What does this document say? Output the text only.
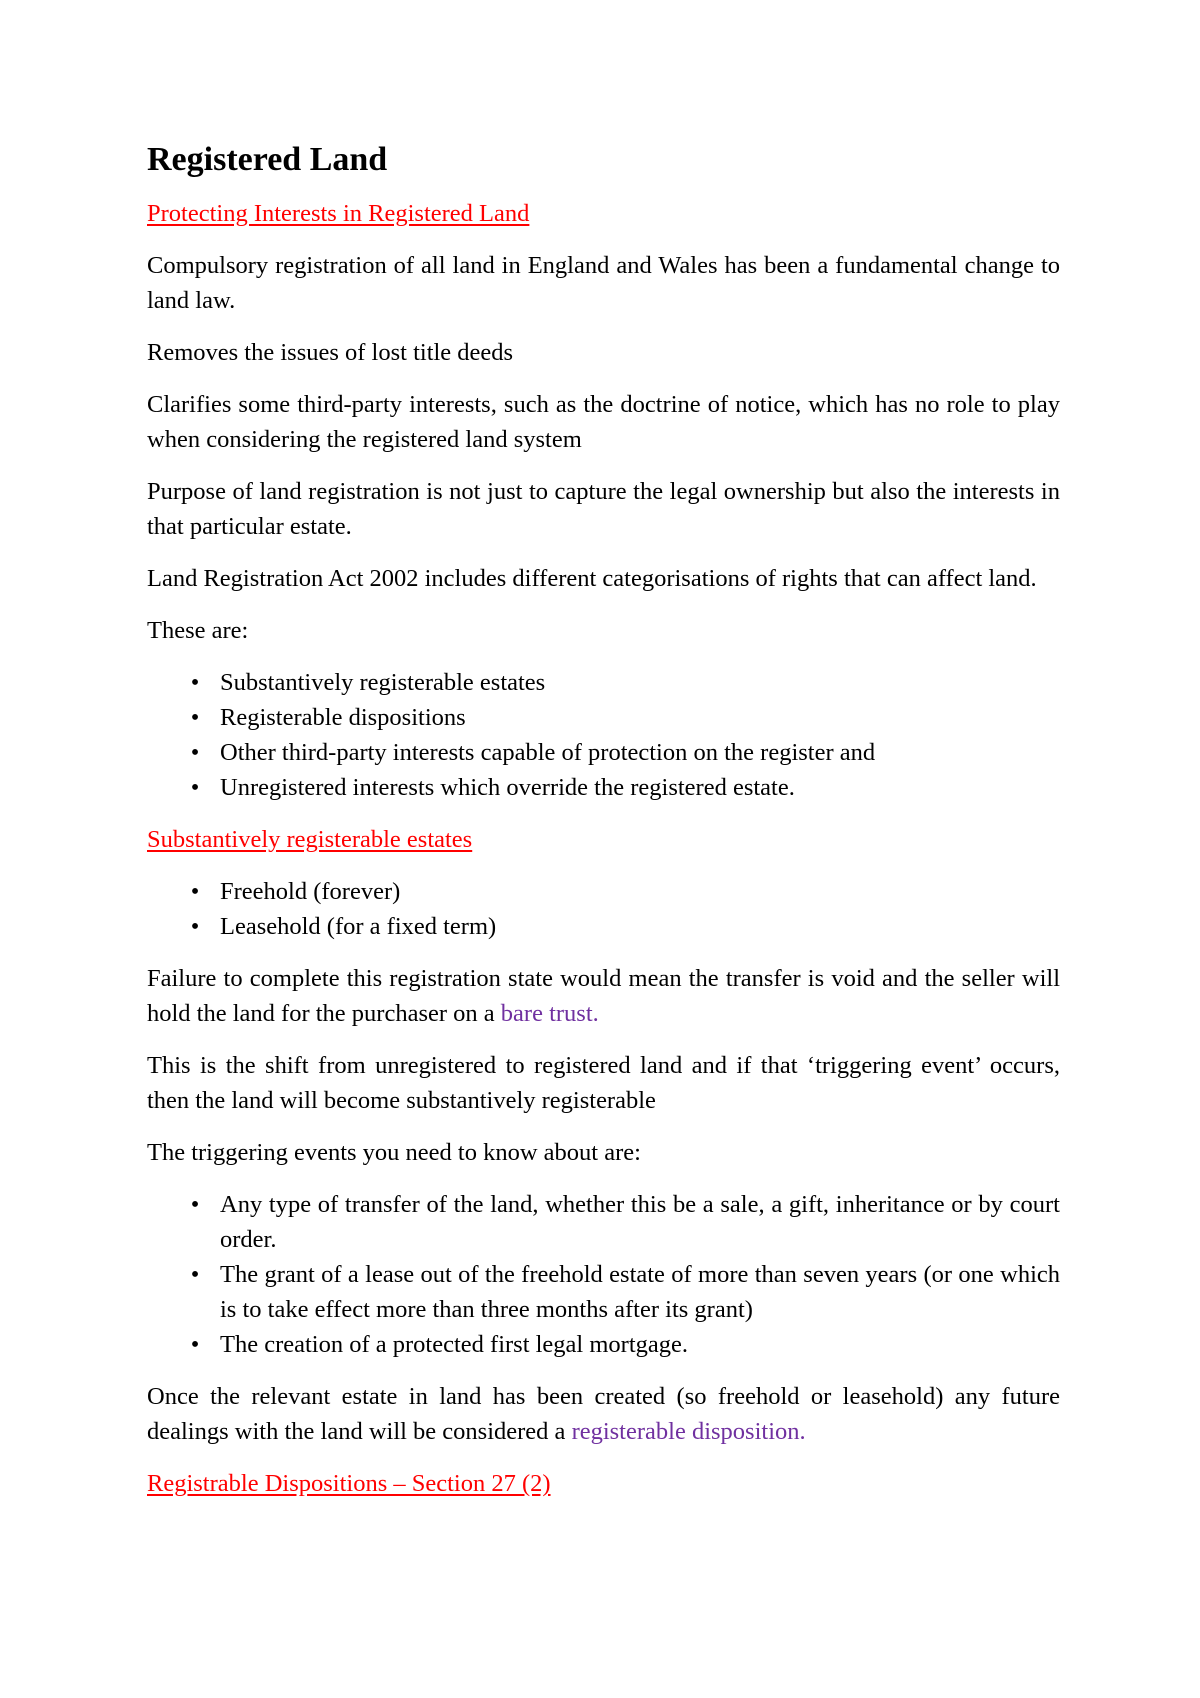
Registered Land

Protecting Interests in Registered Land

Compulsory registration of all land in England and Wales has been a fundamental change to land law.

Removes the issues of lost title deeds

Clarifies some third-party interests, such as the doctrine of notice, which has no role to play when considering the registered land system

Purpose of land registration is not just to capture the legal ownership but also the interests in that particular estate.

Land Registration Act 2002 includes different categorisations of rights that can affect land.

These are:

• Substantively registerable estates
• Registerable dispositions
• Other third-party interests capable of protection on the register and
• Unregistered interests which override the registered estate.

Substantively registerable estates

• Freehold (forever)
• Leasehold (for a fixed term)

Failure to complete this registration state would mean the transfer is void and the seller will hold the land for the purchaser on a bare trust.

This is the shift from unregistered to registered land and if that ‘triggering event’ occurs, then the land will become substantively registerable

The triggering events you need to know about are:

• Any type of transfer of the land, whether this be a sale, a gift, inheritance or by court order.
• The grant of a lease out of the freehold estate of more than seven years (or one which is to take effect more than three months after its grant)
• The creation of a protected first legal mortgage.

Once the relevant estate in land has been created (so freehold or leasehold) any future dealings with the land will be considered a registerable disposition.

Registrable Dispositions – Section 27 (2)
